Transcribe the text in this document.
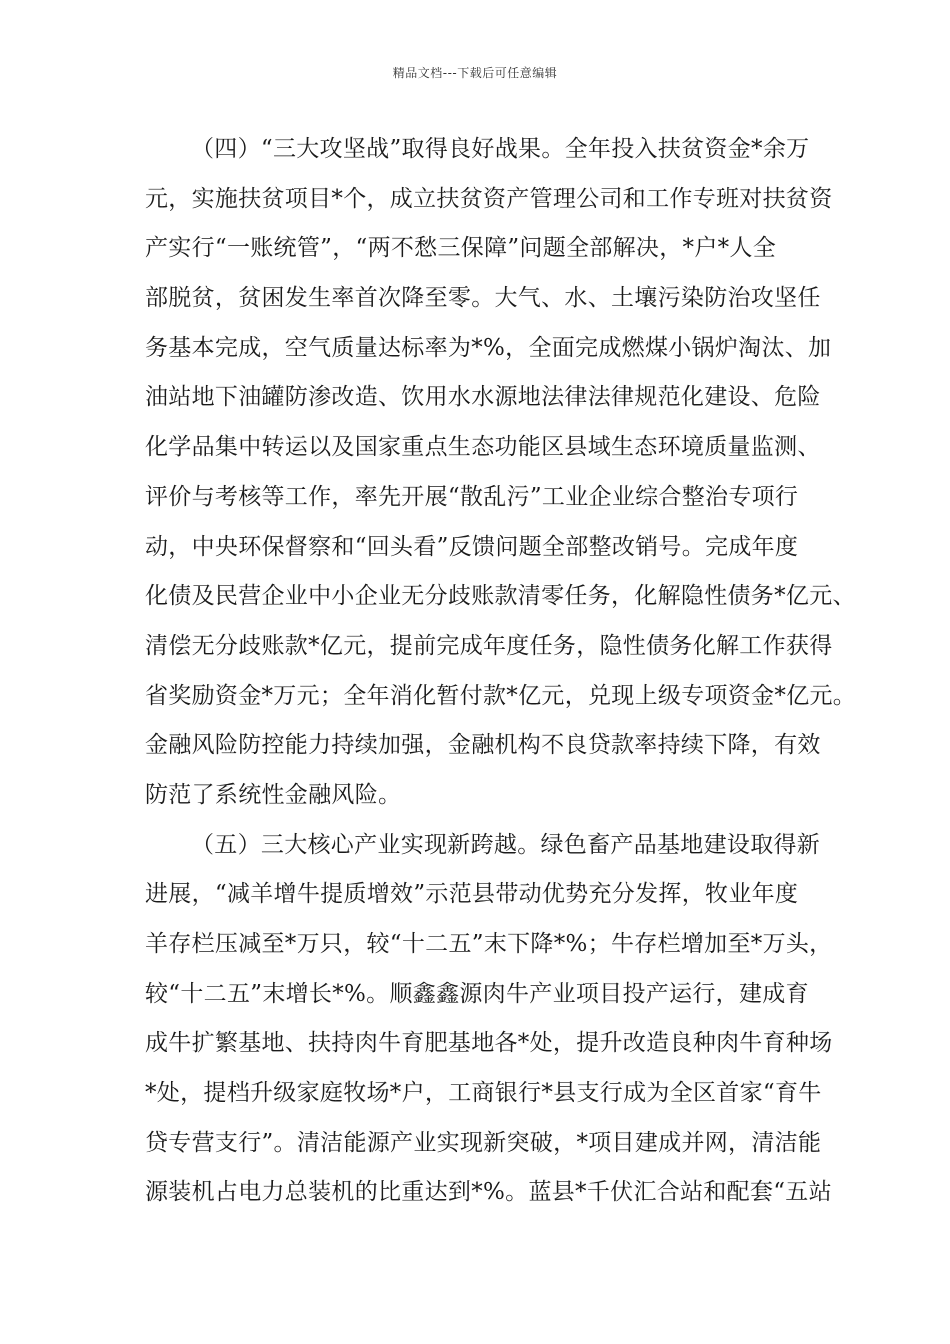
精品文档---下载后可任意编辑
（四）“三大攻坚战”取得良好战果。全年投入扶贫资金*余万
元，实施扶贫项目*个，成立扶贫资产管理公司和工作专班对扶贫资
产实行“一账统管”，“两不愁三保障”问题全部解决，*户*人全
部脱贫，贫困发生率首次降至零。大气、水、土壤污染防治攻坚任
务基本完成，空气质量达标率为*%，全面完成燃煤小锅炉淘汰、加
油站地下油罐防渗改造、饮用水水源地法律法律规范化建设、危险
化学品集中转运以及国家重点生态功能区县域生态环境质量监测、
评价与考核等工作，率先开展“散乱污”工业企业综合整治专项行
动，中央环保督察和“回头看”反馈问题全部整改销号。完成年度
化债及民营企业中小企业无分歧账款清零任务，化解隐性债务*亿元、
清偿无分歧账款*亿元，提前完成年度任务，隐性债务化解工作获得
省奖励资金*万元；全年消化暂付款*亿元，兑现上级专项资金*亿元。
金融风险防控能力持续加强，金融机构不良贷款率持续下降，有效
防范了系统性金融风险。
（五）三大核心产业实现新跨越。绿色畜产品基地建设取得新
进展，“减羊增牛提质增效”示范县带动优势充分发挥，牧业年度
羊存栏压减至*万只，较“十二五”末下降*%；牛存栏增加至*万头，
较“十二五”末增长*%。顺鑫鑫源肉牛产业项目投产运行，建成育
成牛扩繁基地、扶持肉牛育肥基地各*处，提升改造良种肉牛育种场
*处，提档升级家庭牧场*户，工商银行*县支行成为全区首家“育牛
贷专营支行”。清洁能源产业实现新突破，*项目建成并网，清洁能
源装机占电力总装机的比重达到*%。蓝县*千伏汇合站和配套“五站
